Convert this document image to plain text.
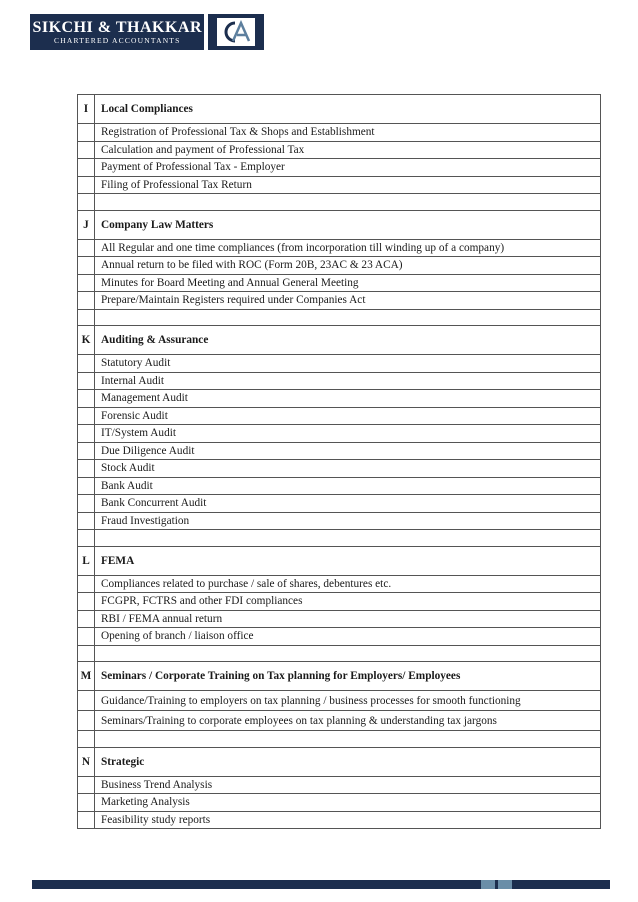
SIKCHI & THAKKAR
CHARTERED ACCOUNTANTS
I	Local Compliances
	Registration of Professional Tax & Shops and Establishment
	Calculation and payment of Professional Tax
	Payment of Professional Tax - Employer
	Filing of Professional Tax Return

J	Company Law Matters
	All Regular and one time compliances (from incorporation till winding up of a company)
	Annual return to be filed with ROC (Form 20B, 23AC & 23 ACA)
	Minutes for Board Meeting and Annual General Meeting
	Prepare/Maintain Registers required under Companies Act

K	Auditing & Assurance
	Statutory Audit
	Internal Audit
	Management Audit
	Forensic Audit
	IT/System Audit
	Due Diligence Audit
	Stock Audit
	Bank Audit
	Bank Concurrent Audit
	Fraud Investigation

L	FEMA
	Compliances related to purchase / sale of shares, debentures etc.
	FCGPR, FCTRS and other FDI compliances
	RBI / FEMA annual return
	Opening of branch / liaison office

M	Seminars / Corporate Training on Tax planning for Employers/ Employees
	Guidance/Training to employers on tax planning / business processes for smooth functioning
	Seminars/Training to corporate employees on tax planning & understanding tax jargons

N	Strategic
	Business Trend Analysis
	Marketing Analysis
	Feasibility study reports
